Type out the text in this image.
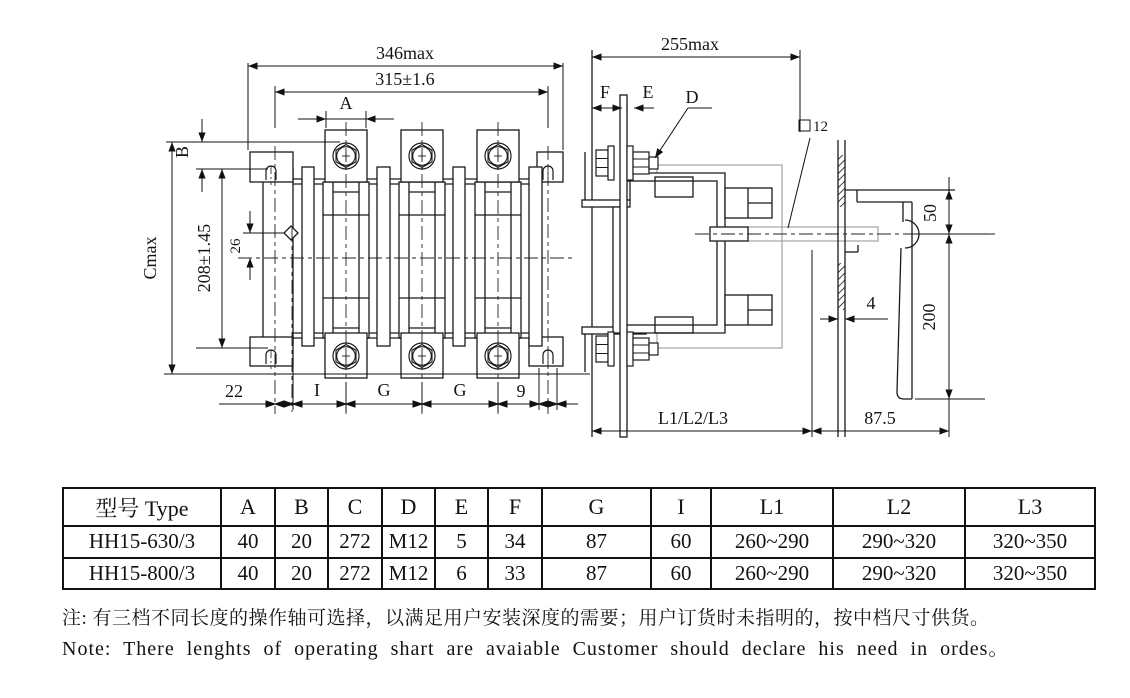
346max
315±1.6
A
B
Cmax 208±1.45 26
22	I	G	G	9
255max
F E D
12
50
200
4
L1/L2/L3	87.5
型号 Type	A	B	C	D	E	F	G	I	L1	L2	L3
HH15-630/3	40	20	272	M12	5	34	87	60	260~290	290~320	320~350
HH15-800/3	40	20	272	M12	6	33	87	60	260~290	290~320	320~350
注: 有三档不同长度的操作轴可选择，以满足用户安装深度的需要；用户订货时未指明的，按中档尺寸供货。
Note: There lenghts of operating shart are avaiable Customer should declare his need in ordes。
